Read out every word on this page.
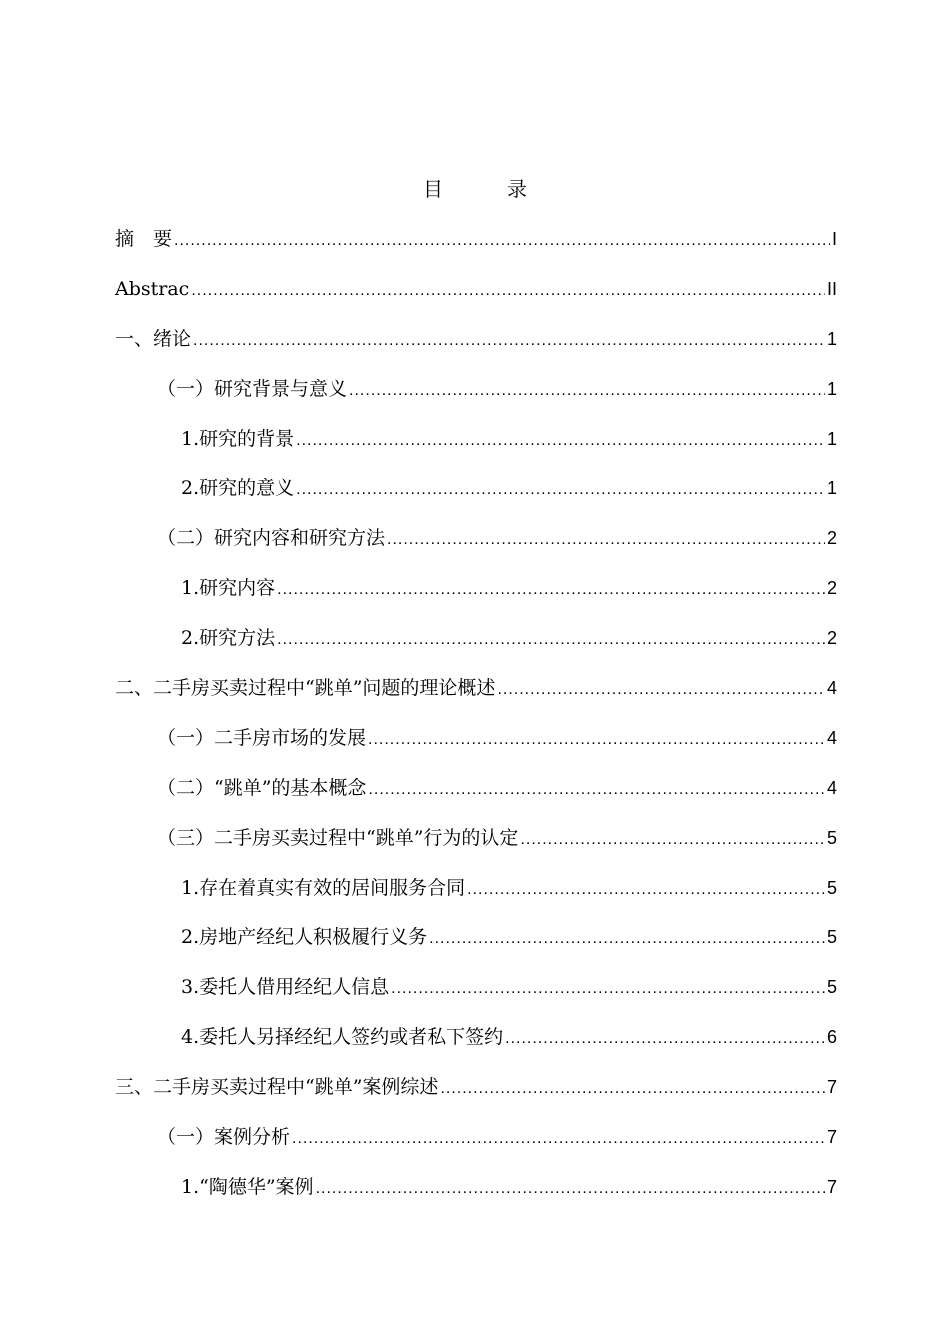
目　录
摘　要 .....	I
Abstrac .....	II
一、绪论 .....	1
（一）研究背景与意义 .....	1
1.研究的背景 .....	1
2.研究的意义 .....	1
（二）研究内容和研究方法 .....	2
1.研究内容 .....	2
2.研究方法 .....	2
二、二手房买卖过程中“跳单”问题的理论概述 .....	4
（一）二手房市场的发展 .....	4
（二）“跳单”的基本概念 .....	4
（三）二手房买卖过程中“跳单”行为的认定 .....	5
1.存在着真实有效的居间服务合同 .....	5
2.房地产经纪人积极履行义务 .....	5
3.委托人借用经纪人信息 .....	5
4.委托人另择经纪人签约或者私下签约 .....	6
三、二手房买卖过程中“跳单”案例综述 .....	7
（一）案例分析 .....	7
1.“陶德华”案例 .....	7
